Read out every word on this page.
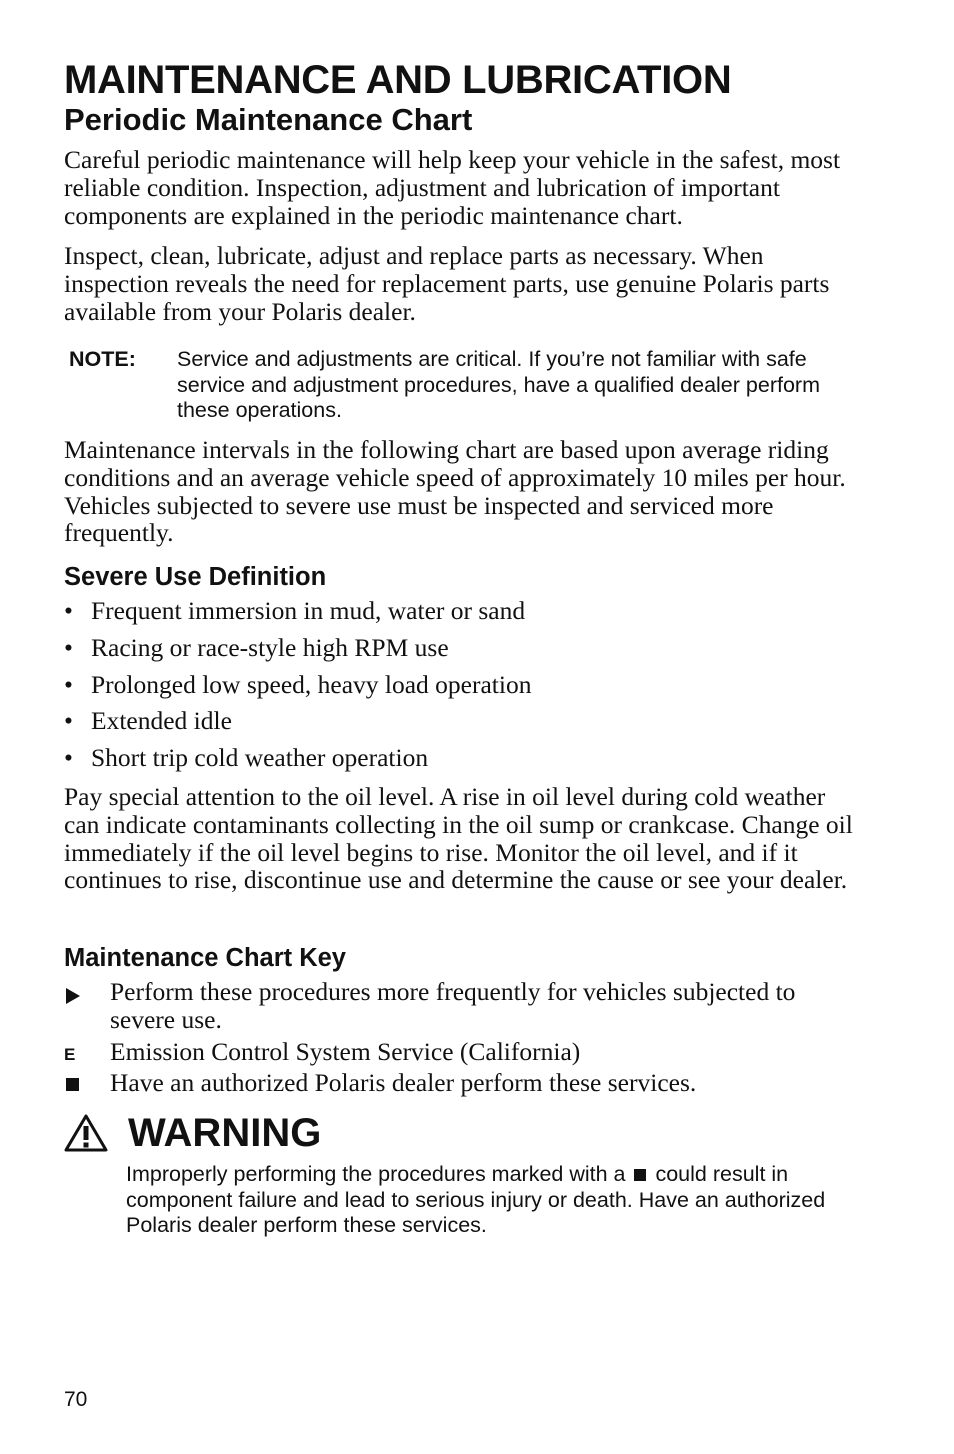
MAINTENANCE AND LUBRICATION
Periodic Maintenance Chart

Careful periodic maintenance will help keep your vehicle in the safest, most reliable condition. Inspection, adjustment and lubrication of important components are explained in the periodic maintenance chart.

Inspect, clean, lubricate, adjust and replace parts as necessary. When inspection reveals the need for replacement parts, use genuine Polaris parts available from your Polaris dealer.

NOTE: Service and adjustments are critical. If you’re not familiar with safe service and adjustment procedures, have a qualified dealer perform these operations.

Maintenance intervals in the following chart are based upon average riding conditions and an average vehicle speed of approximately 10 miles per hour. Vehicles subjected to severe use must be inspected and serviced more frequently.

Severe Use Definition
• Frequent immersion in mud, water or sand
• Racing or race-style high RPM use
• Prolonged low speed, heavy load operation
• Extended idle
• Short trip cold weather operation

Pay special attention to the oil level. A rise in oil level during cold weather can indicate contaminants collecting in the oil sump or crankcase. Change oil immediately if the oil level begins to rise. Monitor the oil level, and if it continues to rise, discontinue use and determine the cause or see your dealer.

Maintenance Chart Key
Perform these procedures more frequently for vehicles subjected to severe use.
E	Emission Control System Service (California)
Have an authorized Polaris dealer perform these services.
WARNING
Improperly performing the procedures marked with a could result in component failure and lead to serious injury or death. Have an authorized Polaris dealer perform these services.
70
